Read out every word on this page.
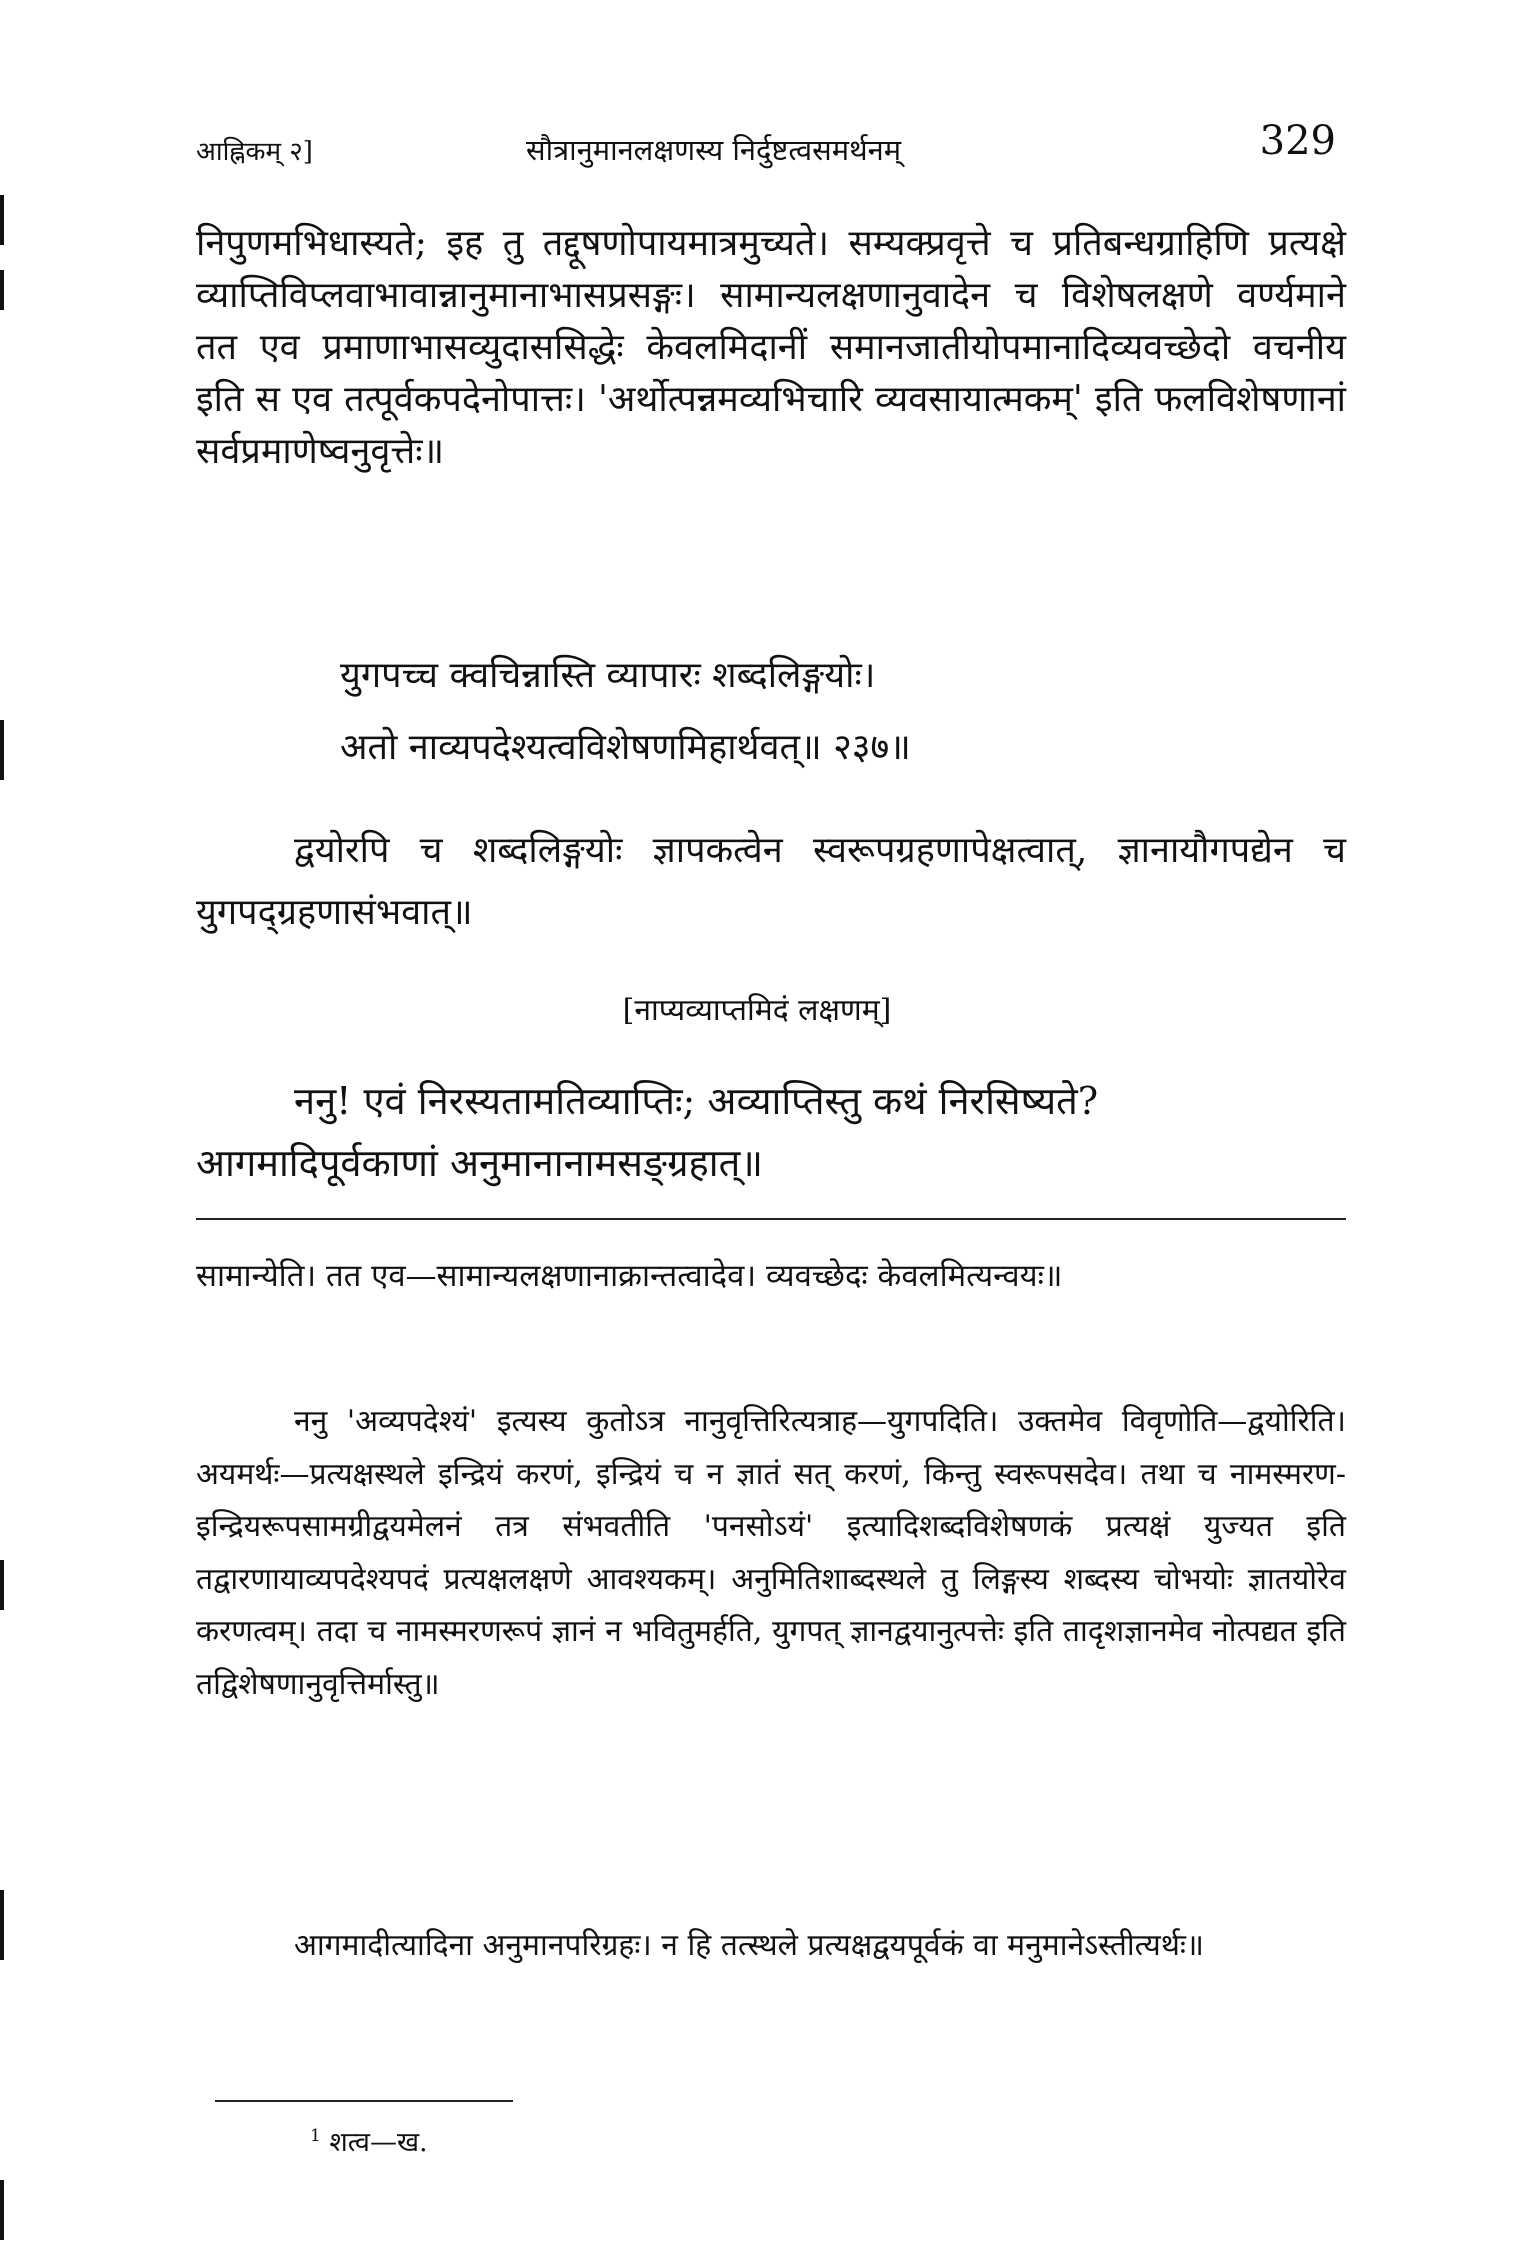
आह्निकम् २]	सौत्रानुमानलक्षणस्य निर्दुष्टत्वसमर्थनम्	329
निपुणमभिधास्यते; इह तु तद्दूषणोपायमात्रमुच्यते। सम्यक्प्रवृत्ते च प्रतिबन्धग्राहिणि प्रत्यक्षे व्याप्तिविप्लवाभावान्नानुमानाभासप्रसङ्गः। सामान्यलक्षणानुवादेन च विशेषलक्षणे वर्ण्यमाने तत एव प्रमाणाभासव्युदाससिद्धेः केवलमिदानीं समानजातीयोपमानादिव्यवच्छेदो वचनीय इति स एव तत्पूर्वकपदेनोपात्तः। 'अर्थोत्पन्नमव्यभिचारि व्यवसायात्मकम्' इति फलविशेषणानां सर्वप्रमाणेष्वनुवृत्तेः॥
युगपच्च क्वचिन्नास्ति व्यापारः शब्दलिङ्गयोः।
अतो नाव्यपदेश्यत्वविशेषणमिहार्थवत्॥ २३७॥
द्वयोरपि च शब्दलिङ्गयोः ज्ञापकत्वेन स्वरूपग्रहणापेक्षत्वात्, ज्ञानायौगपद्येन च युगपद्ग्रहणासंभवात्॥
[नाप्यव्याप्तमिदं लक्षणम्]
ननु! एवं निरस्यतामतिव्याप्तिः; अव्याप्तिस्तु कथं निरसिष्यते? आगमादिपूर्वकाणां अनुमानानामसङ्ग्रहात्॥
सामान्येति। तत एव—सामान्यलक्षणानाक्रान्तत्वादेव। व्यवच्छेदः केवलमित्यन्वयः॥
ननु 'अव्यपदेश्यं' इत्यस्य कुतोऽत्र नानुवृत्तिरित्यत्राह—युगपदिति। उक्तमेव विवृणोति—द्वयोरिति। अयमर्थः—प्रत्यक्षस्थले इन्द्रियं करणं, इन्द्रियं च न ज्ञातं सत् करणं, किन्तु स्वरूपसदेव। तथा च नामस्मरण-इन्द्रियरूपसामग्रीद्वयमेलनं तत्र संभवतीति 'पनसोऽयं' इत्यादिशब्दविशेषणकं प्रत्यक्षं युज्यत इति तद्वारणायाव्यपदेश्यपदं प्रत्यक्षलक्षणे आवश्यकम्। अनुमितिशाब्दस्थले तु लिङ्गस्य शब्दस्य चोभयोः ज्ञातयोरेव करणत्वम्। तदा च नामस्मरणरूपं ज्ञानं न भवितुमर्हति, युगपत् ज्ञानद्वयानुत्पत्तेः इति तादृशज्ञानमेव नोत्पद्यत इति तद्विशेषणानुवृत्तिर्मास्तु॥
आगमादीत्यादिना अनुमानपरिग्रहः। न हि तत्स्थले प्रत्यक्षद्वयपूर्वकं वा मनुमानेऽस्तीत्यर्थः॥
$^1$ शत्व—ख.
